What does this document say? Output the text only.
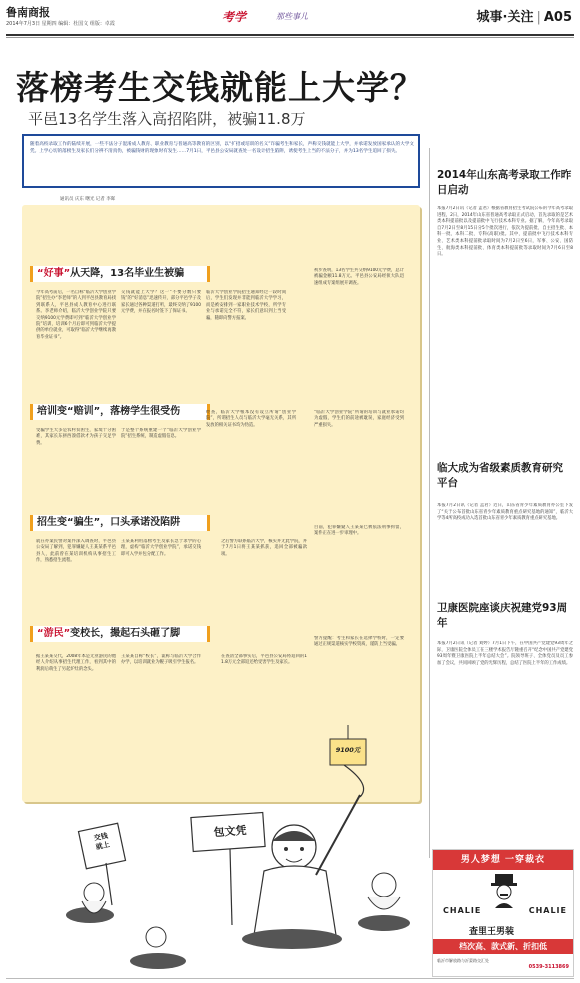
鲁南商报
2014年7月3日 星期四 编辑：杜国文 组版：卓霞	考学	那些事儿	城事·关注 | A05
落榜考生交钱就能上大学？
平邑13名学生落入高招陷阱，被骗11.8万
随着高校录取工作的陆续开展，一些不法分子混淆成人教育、职业教育与普通高等教育的区别，以“扩招或培训的名义”诈骗考生和家长，声称交钱就能上大学，并承诺发放国家承认的大学文凭。上学心切的落榜生及家长们分辨不清真伪，被骗钱财的现象时有发生……7月1日，平邑县公安局就查处一名设计招生陷阱，诱使考生上当的不法分子，并为13名学生追回了损失。
通讯员 庆东 曙光 记者 李晖
“好事”从天降，13名毕业生被骗
今年高考前后，一名自称“临沂大学创业学院”招生办“李老师”的人到平邑县教育局找到联系人，平邑县成人教育中心进行联系。李老师介绍，临沂大学创业学院只要交纳9100元学费即可到“临沂大学创业学院”培训，培训6个月后即可到临沂大学提供的单位就业，可取得“临沂大学继续再教育毕业证书”。
交钱就能上大学？这一“不要分数只要钱”的“好消息”迅速传开，部分平邑学子及家长通过各种渠道打听，最终交纳了9100元学费，并在报名时签下了保证书。
临沂大学创业学院招生通知经过一段时间后，学生们发现并非能到临沂大学学习，而是被安排到一家职业技术学校，所学专业与承诺完全不符，家长们意识到上当受骗，随即向警方报案。
初步查明，13名学生共交纳9100元学费，总计被骗金额11.8万元。平邑县公安局经侦大队迅速组成专案组展开调查。
培训变“赔训”，落榜学生很受伤
受骗学生大多是农村贫困生，家境十分困难，其家长东拼西凑借款才为孩子交足学费。
于是整个系统重建一个“临沂大学创业学院”招生系统，制造虚假信息。
经查，临沂大学根本没有设立所谓“创业学院”，所谓招生人员与临沂大学毫无关系，其所发放的相关证书均为伪造。
“临沂大学创业学院”所谓的培训与就业承诺均为虚假，学生们的前途被耽误，家庭经济受到严重损失。
招生变“骗生”，口头承诺没陷阱
就在办案民警对案件深入调查时，平邑县公安局了解到，犯罪嫌疑人王某某系平邑县人，此前曾在某培训机构从事招生工作，熟悉招生流程。
王某某利用落榜考生及家长急于求学的心理，虚构“临沂大学创业学院”，承诺交钱即可入学并包分配工作。
之后警方联系临沂大学，核实并无此学院，并于7月1日将王某某抓获，追回全部被骗款项。
目前，犯罪嫌疑人王某某已被依法刑事拘留，案件正在进一步审理中。
“游民”变校长，撮起石头砸了脚
据王某某交代，2008年本是无业游民的他经人介绍从事招生代理工作，看到其中的利润后萌生了另起炉灶的念头。
王某某自称“校长”，谎称与临沂大学合作办学，以培训就业为幌子吸引学生报名。
在查清全部事实后，平邑县公安局将追回的11.8万元全部返还给受害学生及家长。
警方提醒：考生和家长在选择学校时，一定要通过正规渠道核实学校资质，谨防上当受骗。
交钱
就上
包文凭
9100元
2014年山东高考录取工作昨日启动
本报7月2日讯（记者 孟君）根据省教育招生考试院公布的今年高考录取进程，2日，2014年山东省普通高考录取正式启动，首先录取的是艺术类本科提前批以及提前批中飞行技术本科专业。据了解，今年高考录取自7月2日至8月15日分5个批次进行，依次为提前批、自主招生批、本科一批、本科二批、专科(高职)批。其中，提前批中飞行技术本科专业、艺术类本科提前批录取时间为7月2日至6日，军事、公安、国防生、航海类本科提前批、体育类本科提前批等录取时间为7月6日至8日。
临大成为省级素质教育研究平台
本报7月2日讯（记者 孟君）近日，山东省青少年素质教育办公室下发了“关于公布首批山东省青少年素质教育重点研究基地的通知”，临沂大学等4所高校成功入选首批山东省青少年素质教育重点研究基地。
卫康医院座谈庆祝建党93周年
本报7月2日讯（记者 刘婷）7月1日下午，在中国共产党建党93周年之际，卫康医院全体员工在三楼学术报告厅隆重召开“纪念中国共产党建党93周年暨卫康医院上半年总结大会”。院领导班子、全体党员及员工参加了会议，共同回顾了党的光辉历程，总结了医院上半年的工作成绩。
男人梦想 一穿裁衣
CHALIE	CHALIE
查里王男装
档次高、款式新、折扣低
临沂市解放路与沂蒙路交汇处
0539-3113869
